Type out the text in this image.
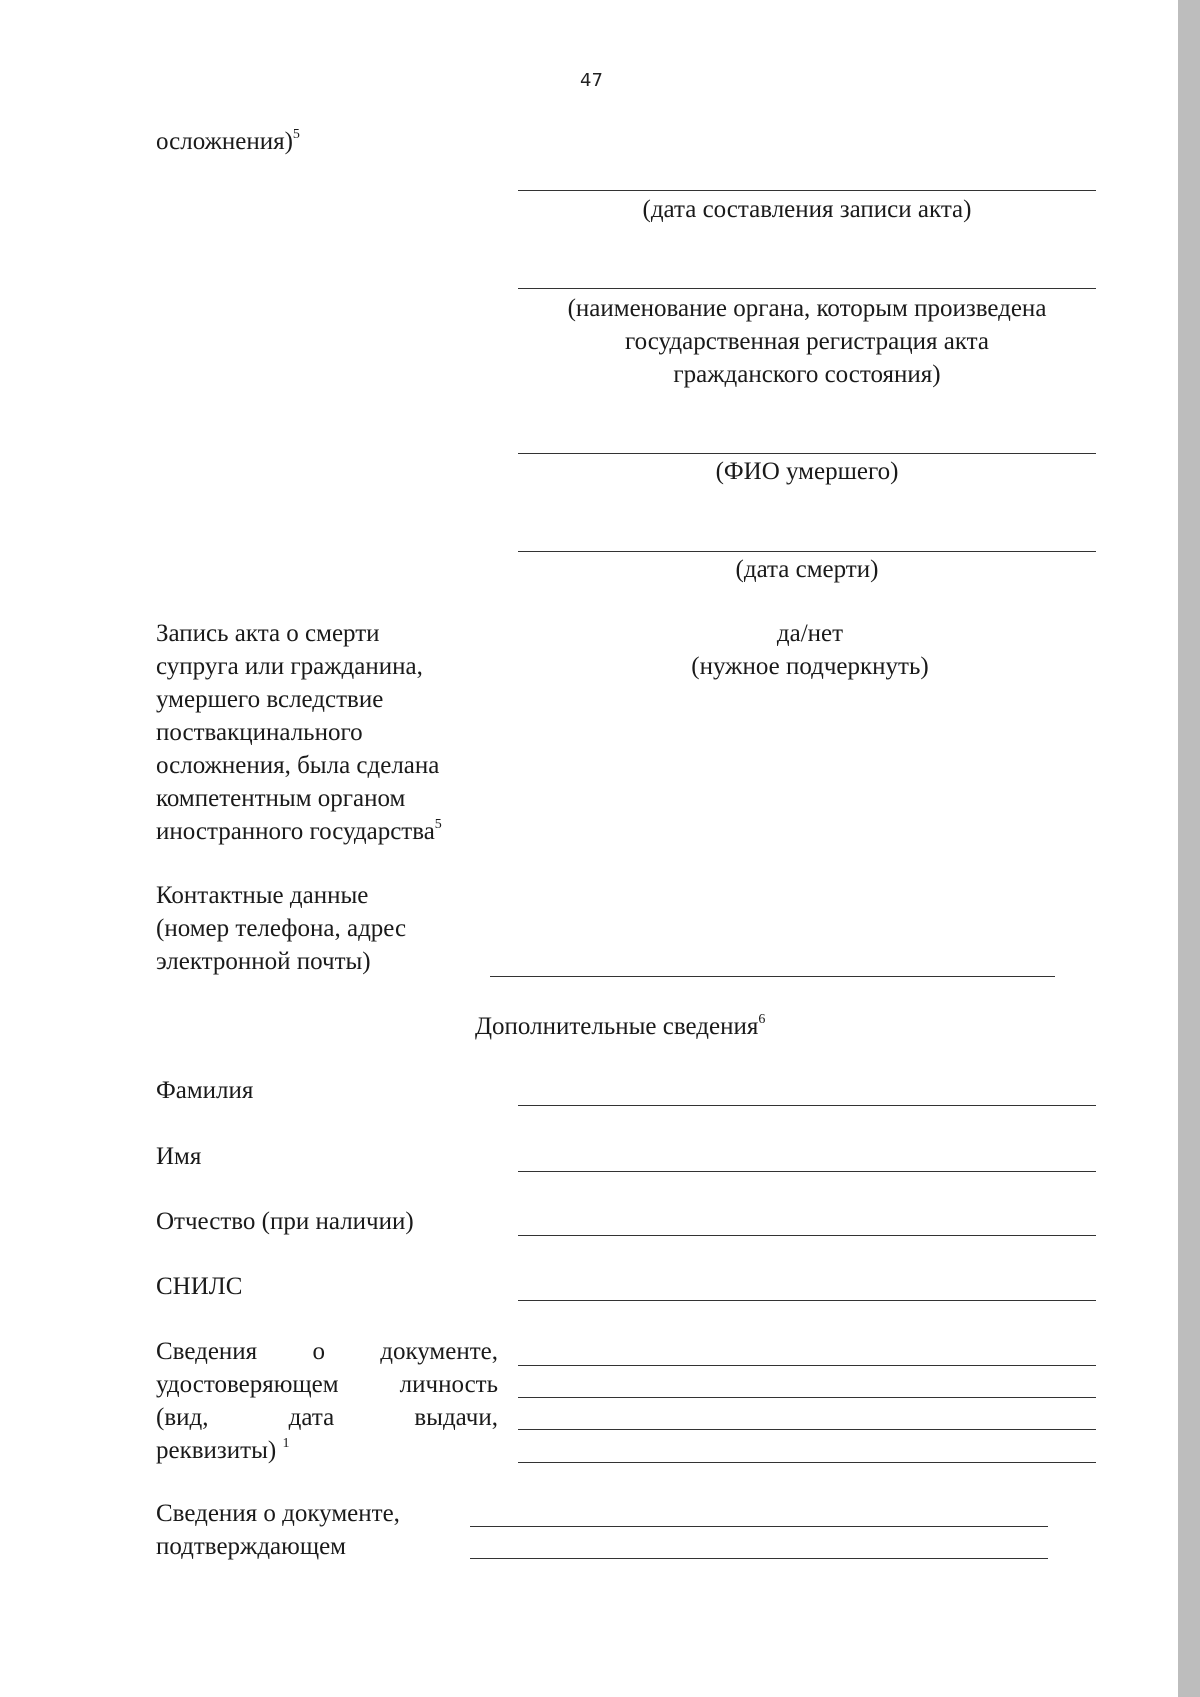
47
осложнения)$^5$
(дата составления записи акта)
(наименование органа, которым произведена
государственная регистрация акта
гражданского состояния)
(ФИО умершего)
(дата смерти)
Запись акта о смерти
супруга или гражданина,
умершего вследствие
поствакцинального
осложнения, была сделана
компетентным органом
иностранного государства$^5$
да/нет
(нужное подчеркнуть)
Контактные данные
(номер телефона, адрес
электронной почты)
Дополнительные сведения$^6$
Фамилия
Имя
Отчество (при наличии)
СНИЛС
Сведения о документе,
удостоверяющем личность
(вид,	дата	выдачи,
реквизиты) $^1$
Сведения о документе,
подтверждающем
